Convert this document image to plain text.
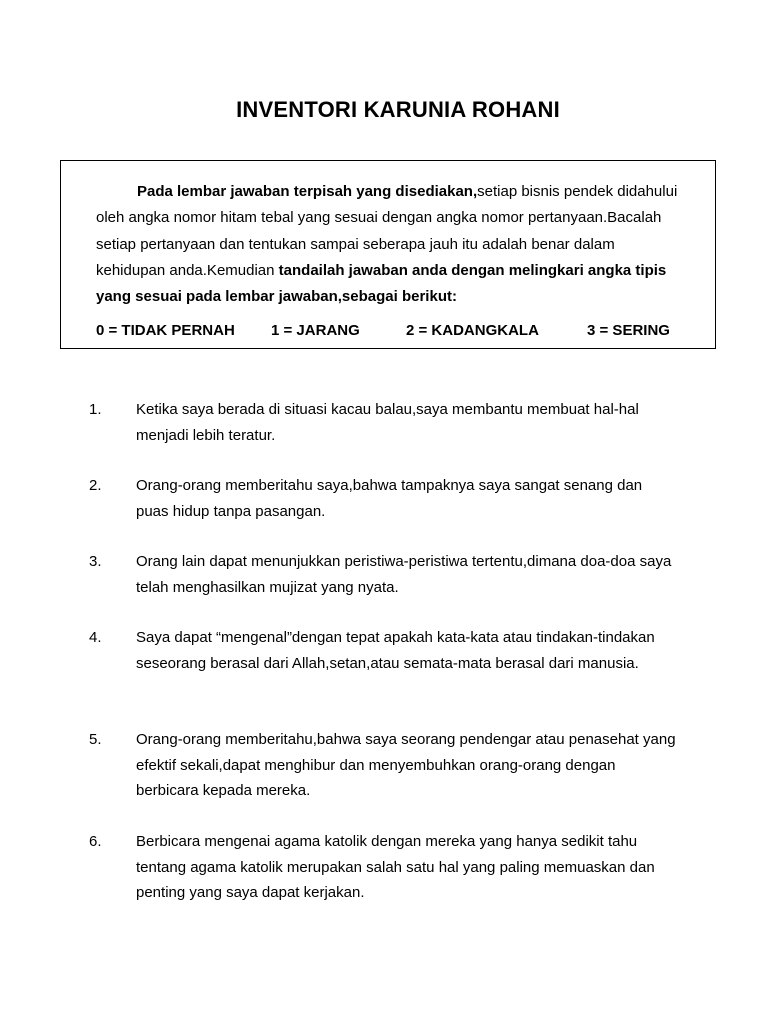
INVENTORI KARUNIA ROHANI

Pada lembar jawaban terpisah yang disediakan,setiap bisnis pendek didahului oleh angka nomor hitam tebal yang sesuai dengan angka nomor pertanyaan.Bacalah setiap pertanyaan dan tentukan sampai seberapa jauh itu adalah benar dalam kehidupan anda.Kemudian tandailah jawaban anda dengan melingkari angka tipis yang sesuai pada lembar jawaban,sebagai berikut:

0 = TIDAK PERNAH 1 = JARANG	2 = KADANGKALA	3 = SERING
1. Ketika saya berada di situasi kacau balau,saya membantu membuat hal-hal menjadi lebih teratur.
2. Orang-orang memberitahu saya,bahwa tampaknya saya sangat senang dan puas hidup tanpa pasangan.
3. Orang lain dapat menunjukkan peristiwa-peristiwa tertentu,dimana doa-doa saya telah menghasilkan mujizat yang nyata.
4. Saya dapat “mengenal”dengan tepat apakah kata-kata atau tindakan-tindakan seseorang berasal dari Allah,setan,atau semata-mata berasal dari manusia.
5. Orang-orang memberitahu,bahwa saya seorang pendengar atau penasehat yang efektif sekali,dapat menghibur dan menyembuhkan orang-orang dengan berbicara kepada mereka.
6. Berbicara mengenai agama katolik dengan mereka yang hanya sedikit tahu tentang agama katolik merupakan salah satu hal yang paling memuaskan dan penting yang saya dapat kerjakan.
